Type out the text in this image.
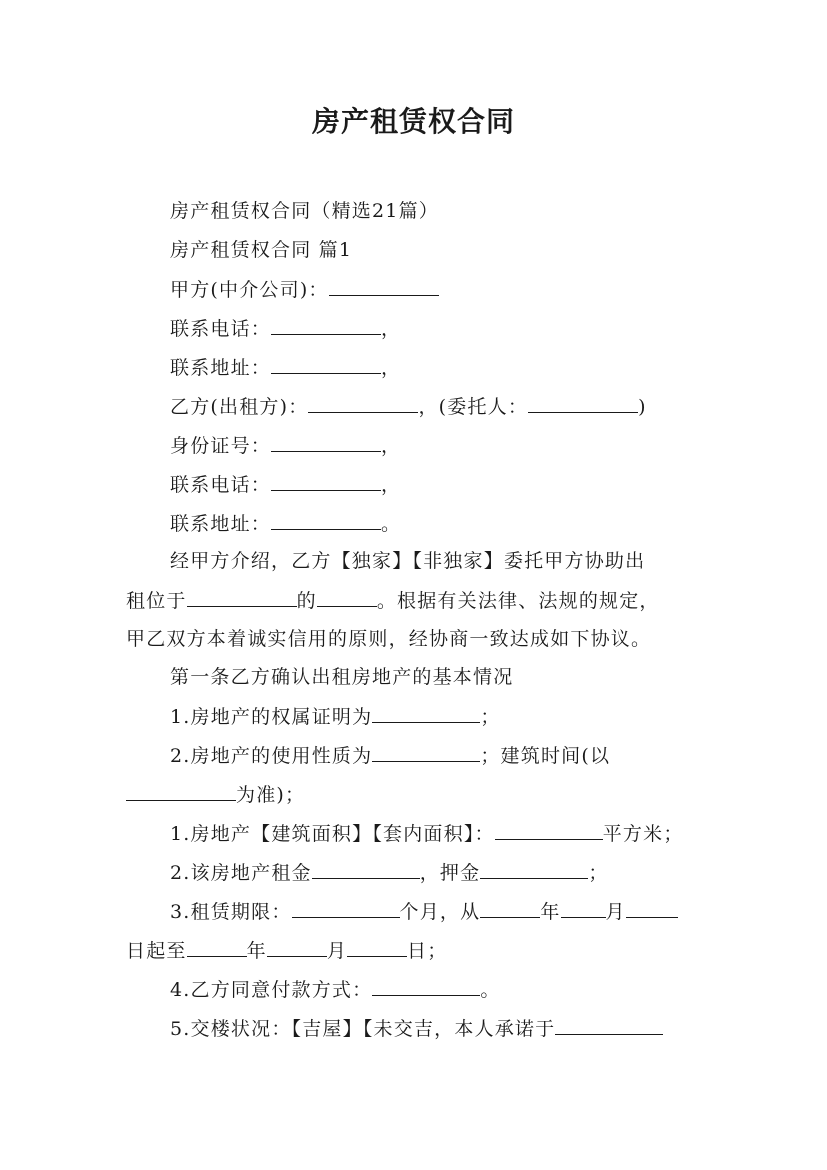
房产租赁权合同
房产租赁权合同（精选21篇）
房产租赁权合同 篇1
甲方(中介公司)：
联系电话：	，
联系地址：	，
乙方(出租方)：	，(委托人：	)
身份证号：	，
联系电话：	，
联系地址：	。
经甲方介绍，乙方【独家】【非独家】委托甲方协助出
租位于	的	。根据有关法律、法规的规定，
甲乙双方本着诚实信用的原则，经协商一致达成如下协议。
第一条乙方确认出租房地产的基本情况
1.房地产的权属证明为	；
2.房地产的使用性质为	；建筑时间(以
为准)；
1.房地产【建筑面积】【套内面积】：	平方米；
2.该房地产租金	，押金	；
3.租赁期限：	个月，从	年 月
日起至	年	月	日；
4.乙方同意付款方式：	。
5.交楼状况：【吉屋】【未交吉，本人承诺于
